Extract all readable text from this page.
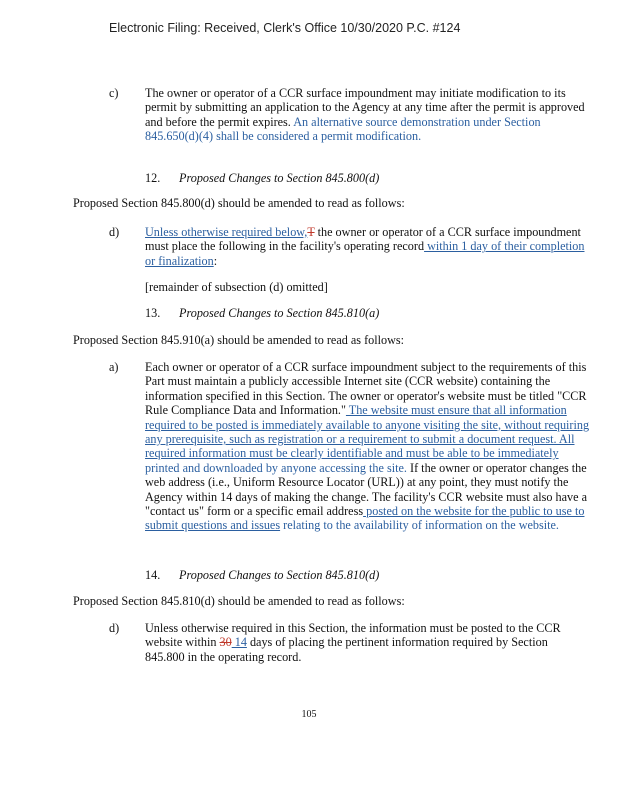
Electronic Filing: Received, Clerk's Office 10/30/2020 P.C. #124
c) The owner or operator of a CCR surface impoundment may initiate modification to its permit by submitting an application to the Agency at any time after the permit is approved and before the permit expires. An alternative source demonstration under Section 845.650(d)(4) shall be considered a permit modification.
12. Proposed Changes to Section 845.800(d)
Proposed Section 845.800(d) should be amended to read as follows:
d) Unless otherwise required below,T the owner or operator of a CCR surface impoundment must place the following in the facility's operating record within 1 day of their completion or finalization:
[remainder of subsection (d) omitted]
13. Proposed Changes to Section 845.810(a)
Proposed Section 845.910(a) should be amended to read as follows:
a) Each owner or operator of a CCR surface impoundment subject to the requirements of this Part must maintain a publicly accessible Internet site (CCR website) containing the information specified in this Section. The owner or operator's website must be titled "CCR Rule Compliance Data and Information." The website must ensure that all information required to be posted is immediately available to anyone visiting the site, without requiring any prerequisite, such as registration or a requirement to submit a document request. All required information must be clearly identifiable and must be able to be immediately printed and downloaded by anyone accessing the site. If the owner or operator changes the web address (i.e., Uniform Resource Locator (URL)) at any point, they must notify the Agency within 14 days of making the change. The facility's CCR website must also have a "contact us" form or a specific email address posted on the website for the public to use to submit questions and issues relating to the availability of information on the website.
14. Proposed Changes to Section 845.810(d)
Proposed Section 845.810(d) should be amended to read as follows:
d) Unless otherwise required in this Section, the information must be posted to the CCR website within 30 14 days of placing the pertinent information required by Section 845.800 in the operating record.
105
